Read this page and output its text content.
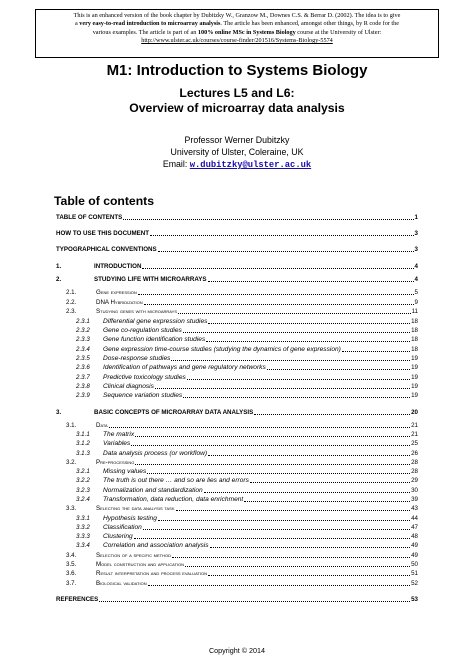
This is an enhanced version of the book chapter by Dubitzky W., Granzow M., Downes C.S. & Berrar D. (2002). The idea is to give
a very easy-to-read introduction to microarray analysis. The article has been enhanced, amongst other things, by R code for the
various examples. The article is part of an 100% online MSc in Systems Biology course at the University of Ulster:
http://www.ulster.ac.uk/courses/course-finder/201516/Systems-Biology-5574
M1: Introduction to Systems Biology
Lectures L5 and L6:
Overview of microarray data analysis
Professor Werner Dubitzky
University of Ulster, Coleraine, UK
Email: w.dubitzky@ulster.ac.uk
Table of contents
TABLE OF CONTENTS	1
HOW TO USE THIS DOCUMENT	3
TYPOGRAPHICAL CONVENTIONS	3
1.	INTRODUCTION	4
2.	STUDYING LIFE WITH MICROARRAYS	4
2.1.	Gene expression	5
2.2.	DNA Hybridization	9
2.3.	Studying genes with microarrays	11
2.3.1	Differential gene expression studies	18
2.3.2	Gene co-regulation studies	18
2.3.3	Gene function identification studies	18
2.3.4	Gene expression time-course studies (studying the dynamics of gene expression)	18
2.3.5	Dose-response studies	19
2.3.6	Identification of pathways and gene regulatory networks	19
2.3.7	Predictive toxicology studies	19
2.3.8	Clinical diagnosis	19
2.3.9	Sequence variation studies	19
3.	BASIC CONCEPTS OF MICROARRAY DATA ANALYSIS	20
3.1.	Data	21
3.1.1	The matrix	21
3.1.2	Variables	25
3.1.3	Data analysis process (or workflow)	26
3.2.	Pre-processing	28
3.2.1	Missing values	28
3.2.2	The truth is out there … and so are lies and errors	29
3.2.3	Normalization and standardization	30
3.2.4	Transformation, data reduction, data enrichment	39
3.3.	Selecting the data analysis task	43
3.3.1	Hypothesis testing	44
3.3.2	Classification	47
3.3.3	Clustering	48
3.3.4	Correlation and association analysis	49
3.4.	Selection of a specific method	49
3.5.	Model construction and application	50
3.6.	Result interpretation and process evaluation	51
3.7.	Biological validation	52
REFERENCES	53
Copyright © 2014
